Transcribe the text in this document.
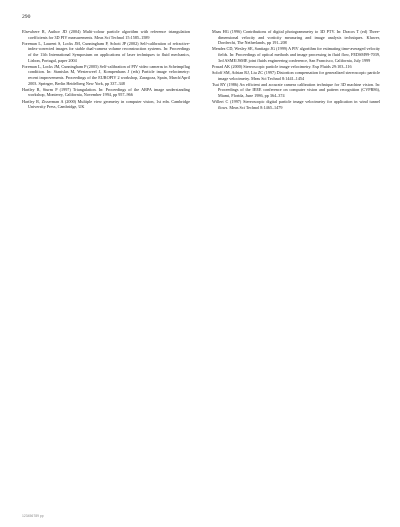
290

Elsewhere R, Author JD (2004) Multi-colour particle algorithm with reference triangulation coefficients for 3D PIV measurements. Meas Sci Technol 15:1585–1589

Foreman L, Laurent S, Locks JM, Cunningham P, Schott JP (2002) Self-calibration of refractive-index-corrected images for stable dual-camera volume reconstruction systems. In: Proceedings of the 11th International Symposium on applications of laser techniques to fluid mechanics, Lisbon, Portugal, paper 2004

Foreman L, Locks JM, Cunningham P (2005) Self-calibration of PIV video cameras in Scheimpflug condition. In: Stanislas M, Westerweel J, Kompenhans J (eds) Particle image velocimetry: recent improvements. Proceedings of the EUROPIV 2 workshop, Zaragoza, Spain, March/April 2003. Springer, Berlin Heidelberg New York, pp 337–348

Hartley R, Sturm P (1997) Triangulation. In: Proceedings of the ARPA image understanding workshop, Monterey, California, November 1994, pp 957–966

Hartley R, Zisserman A (2000) Multiple view geometry in computer vision, 1st edn. Cambridge University Press, Cambridge, UK

Maas HG (1996) Contributions of digital photogrammetry to 3D PTV. In: Dracos T (ed) Three-dimensional velocity and vorticity measuring and image analysis techniques. Kluwer, Dordrecht, The Netherlands, pp 191–208

Mendez CD, Wesley SE, Santiago JG (1999) A PIV algorithm for estimating time-averaged velocity fields. In: Proceedings of optical methods and image processing in fluid flow, FEDSM99-7039, 3rd ASME/JSME joint fluids engineering conference, San Francisco, California, July 1999

Prasad AK (2000) Stereoscopic particle image velocimetry. Exp Fluids 29:103–116

Soloff SM, Adrian RJ, Liu ZC (1997) Distortion compensation for generalized stereoscopic particle image velocimetry. Meas Sci Technol 8:1441–1454

Tsai RY (1986) An efficient and accurate camera calibration technique for 3D machine vision. In: Proceedings of the IEEE conference on computer vision and pattern recognition (CVPR86), Miami, Florida, June 1986, pp 364–374

Willert C (1997) Stereoscopic digital particle image velocimetry for application in wind tunnel flows. Meas Sci Technol 8:1465–1479

123456789 pp
